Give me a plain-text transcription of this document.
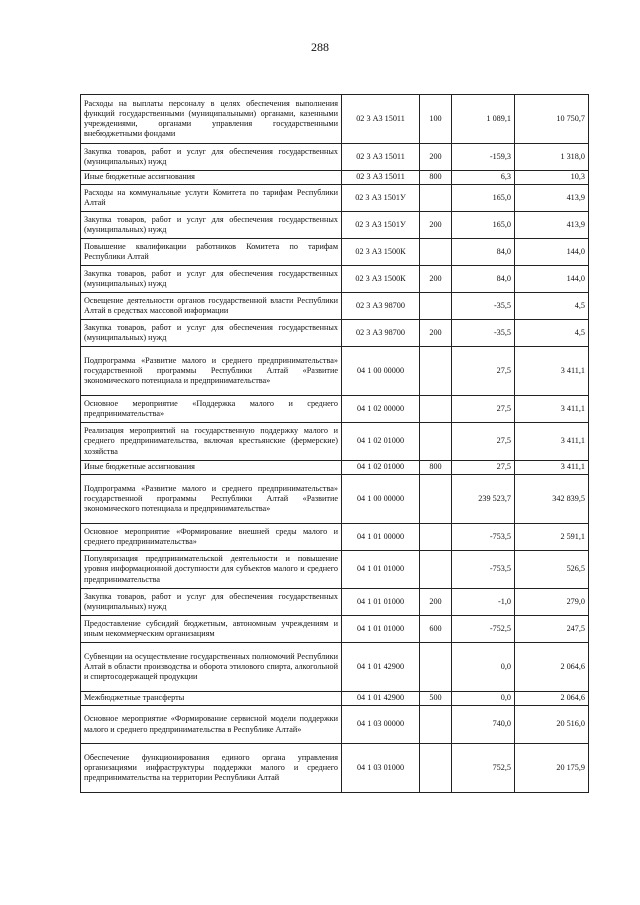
288
Расходы на выплаты персоналу в целях обеспечения выполнения функций государственными (муниципальными) органами, казенными учреждениями, органами управления государственными внебюджетными фондами	02 3 А3 15011	100	1 089,1	10 750,7
Закупка товаров, работ и услуг для обеспечения государственных (муниципальных) нужд	02 3 А3 15011	200	-159,3	1 318,0
Иные бюджетные ассигнования	02 3 А3 15011	800	6,3	10,3
Расходы на коммунальные услуги Комитета по тарифам Республики Алтай	02 3 А3 1501У		165,0	413,9
Закупка товаров, работ и услуг для обеспечения государственных (муниципальных) нужд	02 3 А3 1501У	200	165,0	413,9
Повышение квалификации работников Комитета по тарифам Республики Алтай	02 3 А3 1500К		84,0	144,0
Закупка товаров, работ и услуг для обеспечения государственных (муниципальных) нужд	02 3 А3 1500К	200	84,0	144,0
Освещение деятельности органов государственной власти Республики Алтай в средствах массовой информации	02 3 А3 98700		-35,5	4,5
Закупка товаров, работ и услуг для обеспечения государственных (муниципальных) нужд	02 3 А3 98700	200	-35,5	4,5
Подпрограмма «Развитие малого и среднего предпринимательства» государственной программы Республики Алтай «Развитие экономического потенциала и предпринимательства»	04 1 00 00000		27,5	3 411,1
Основное мероприятие «Поддержка малого и среднего предпринимательства»	04 1 02 00000		27,5	3 411,1
Реализация мероприятий на государственную поддержку малого и среднего предпринимательства, включая крестьянские (фермерские) хозяйства	04 1 02 01000		27,5	3 411,1
Иные бюджетные ассигнования	04 1 02 01000	800	27,5	3 411,1
Подпрограмма «Развитие малого и среднего предпринимательства» государственной программы Республики Алтай «Развитие экономического потенциала и предпринимательства»	04 1 00 00000		239 523,7	342 839,5
Основное мероприятие «Формирование внешней среды малого и среднего предпринимательства»	04 1 01 00000		-753,5	2 591,1
Популяризация предпринимательской деятельности и повышение уровня информационной доступности для субъектов малого и среднего предпринимательства	04 1 01 01000		-753,5	526,5
Закупка товаров, работ и услуг для обеспечения государственных (муниципальных) нужд	04 1 01 01000	200	-1,0	279,0
Предоставление субсидий бюджетным, автономным учреждениям и иным некоммерческим организациям	04 1 01 01000	600	-752,5	247,5
Субвенции на осуществление государственных полномочий Республики Алтай в области производства и оборота этилового спирта, алкогольной и спиртосодержащей продукции	04 1 01 42900		0,0	2 064,6
Межбюджетные трансферты	04 1 01 42900	500	0,0	2 064,6
Основное мероприятие «Формирование сервисной модели поддержки малого и среднего предпринимательства в Республике Алтай»	04 1 03 00000		740,0	20 516,0
Обеспечение функционирования единого органа управления организациями инфраструктуры поддержки малого и среднего предпринимательства на территории Республики Алтай	04 1 03 01000		752,5	20 175,9
